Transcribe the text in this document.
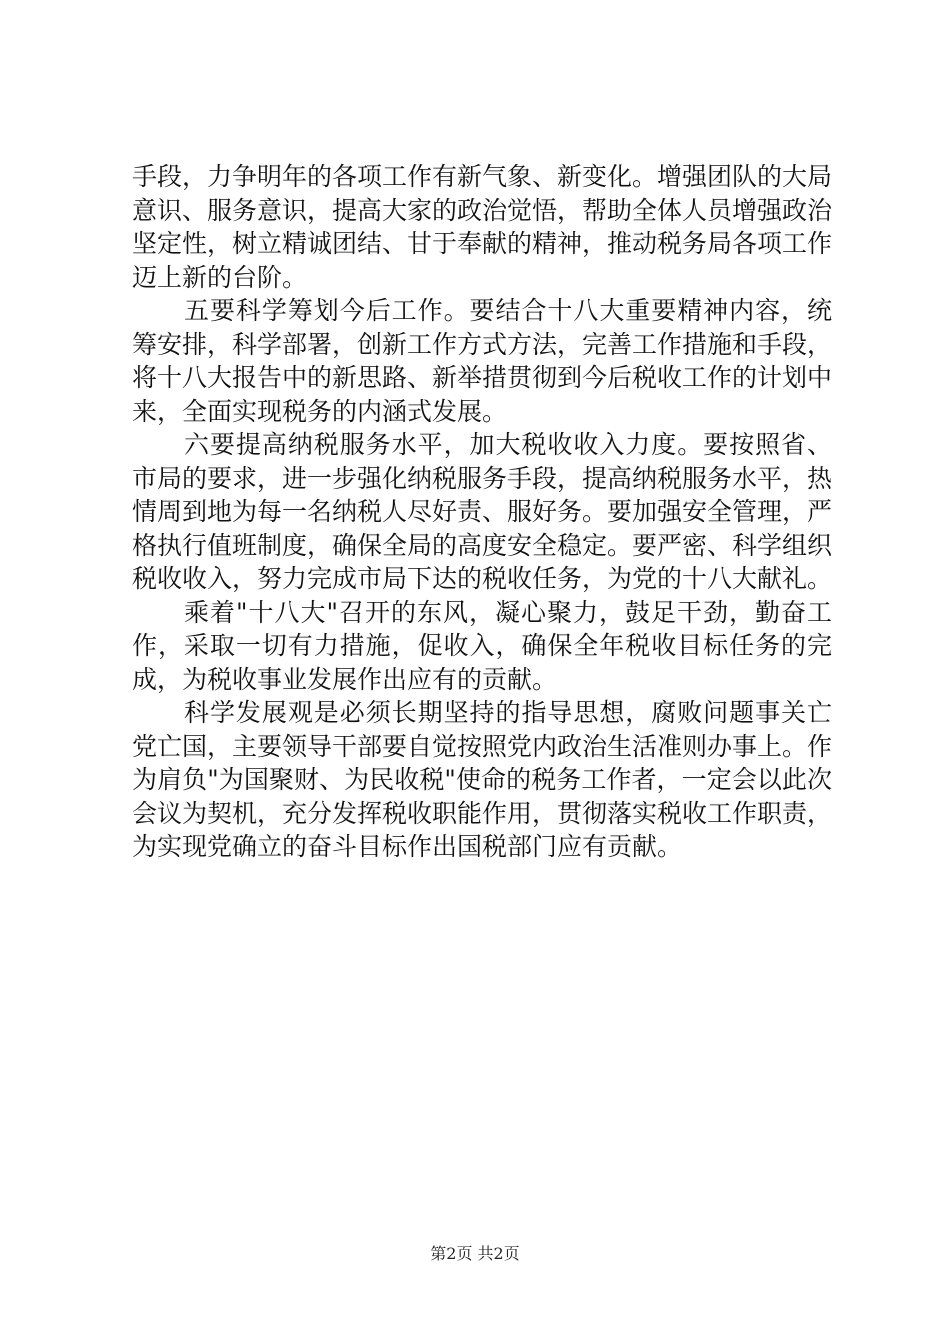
手段，力争明年的各项工作有新气象、新变化。增强团队的大局意识、服务意识，提高大家的政治觉悟，帮助全体人员增强政治坚定性，树立精诚团结、甘于奉献的精神，推动税务局各项工作迈上新的台阶。

五要科学筹划今后工作。要结合十八大重要精神内容，统筹安排，科学部署，创新工作方式方法，完善工作措施和手段，将十八大报告中的新思路、新举措贯彻到今后税收工作的计划中来，全面实现税务的内涵式发展。

六要提高纳税服务水平，加大税收收入力度。要按照省、市局的要求，进一步强化纳税服务手段，提高纳税服务水平，热情周到地为每一名纳税人尽好责、服好务。要加强安全管理，严格执行值班制度，确保全局的高度安全稳定。要严密、科学组织税收收入，努力完成市局下达的税收任务，为党的十八大献礼。

乘着"十八大"召开的东风，凝心聚力，鼓足干劲，勤奋工作，采取一切有力措施，促收入，确保全年税收目标任务的完成，为税收事业发展作出应有的贡献。

科学发展观是必须长期坚持的指导思想，腐败问题事关亡党亡国，主要领导干部要自觉按照党内政治生活准则办事上。作为肩负"为国聚财、为民收税"使命的税务工作者，一定会以此次会议为契机，充分发挥税收职能作用，贯彻落实税收工作职责，为实现党确立的奋斗目标作出国税部门应有贡献。

第2页 共2页
